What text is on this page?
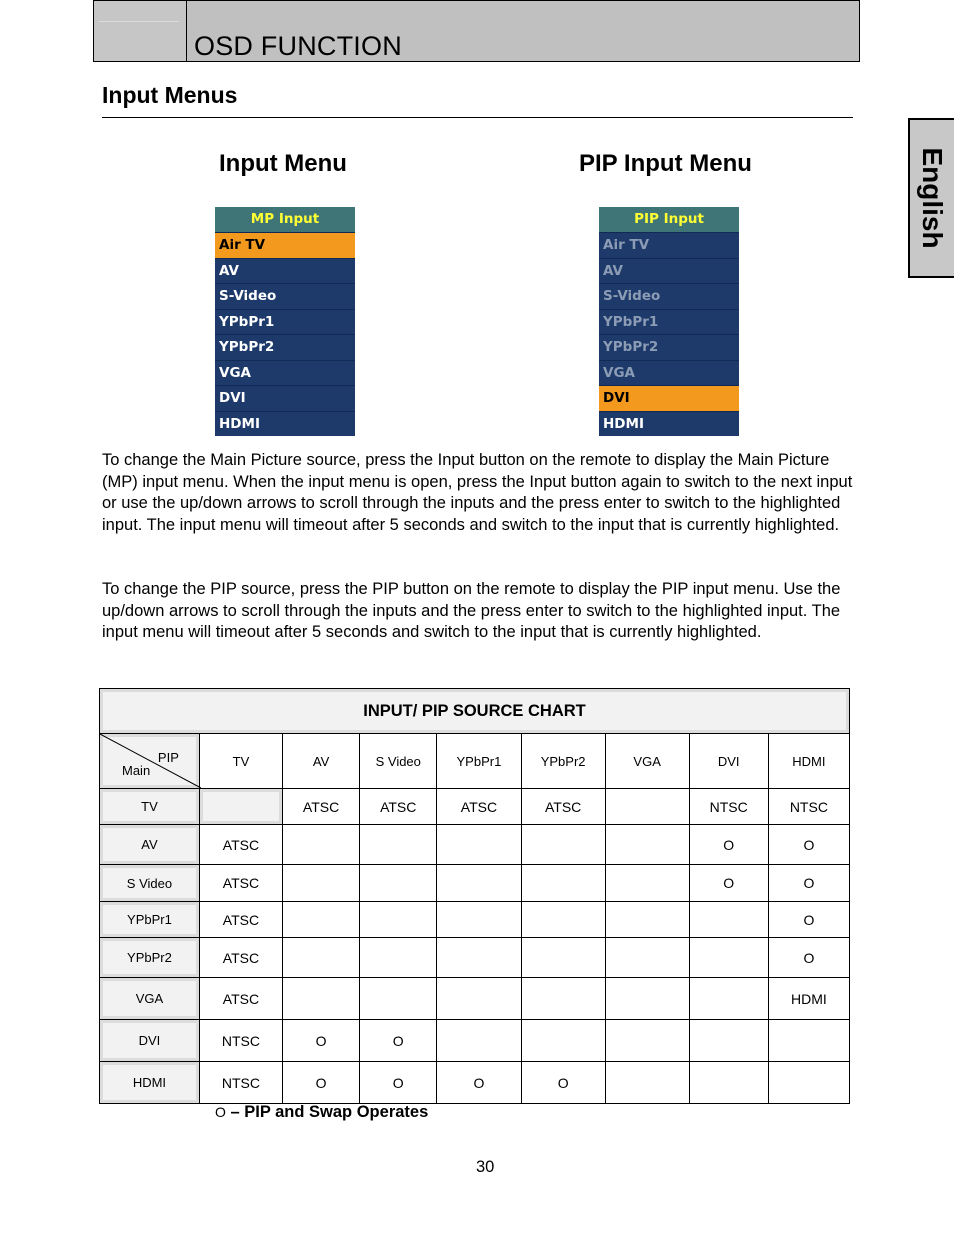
OSD FUNCTION
English
Input Menus
Input Menu	PIP Input Menu
MP Input
Air TV
AV
S-Video
YPbPr1
YPbPr2
VGA
DVI
HDMI
PIP Input
Air TV
AV
S-Video
YPbPr1
YPbPr2
VGA
DVI
HDMI
To change the Main Picture source, press the Input button on the remote to display the Main Picture (MP) input menu. When the input menu is open, press the Input button again to switch to the next input or use the up/down arrows to scroll through the inputs and the press enter to switch to the highlighted input. The input menu will timeout after 5 seconds and switch to the input that is currently highlighted.
To change the PIP source, press the PIP button on the remote to display the PIP input menu. Use the up/down arrows to scroll through the inputs and the press enter to switch to the highlighted input. The input menu will timeout after 5 seconds and switch to the input that is currently highlighted.
INPUT/ PIP SOURCE CHART								

PIP
Main	TV	AV	S Video	YPbPr1	YPbPr2	VGA	DVI	HDMI
TV		ATSC	ATSC	ATSC	ATSC		NTSC	NTSC
AV	ATSC						O	O
S Video	ATSC						O	O
YPbPr1	ATSC							O
YPbPr2	ATSC							O
VGA	ATSC							HDMI
DVI	NTSC	O	O					
HDMI	NTSC	O	O	O	O			
O – PIP and Swap Operates
30
